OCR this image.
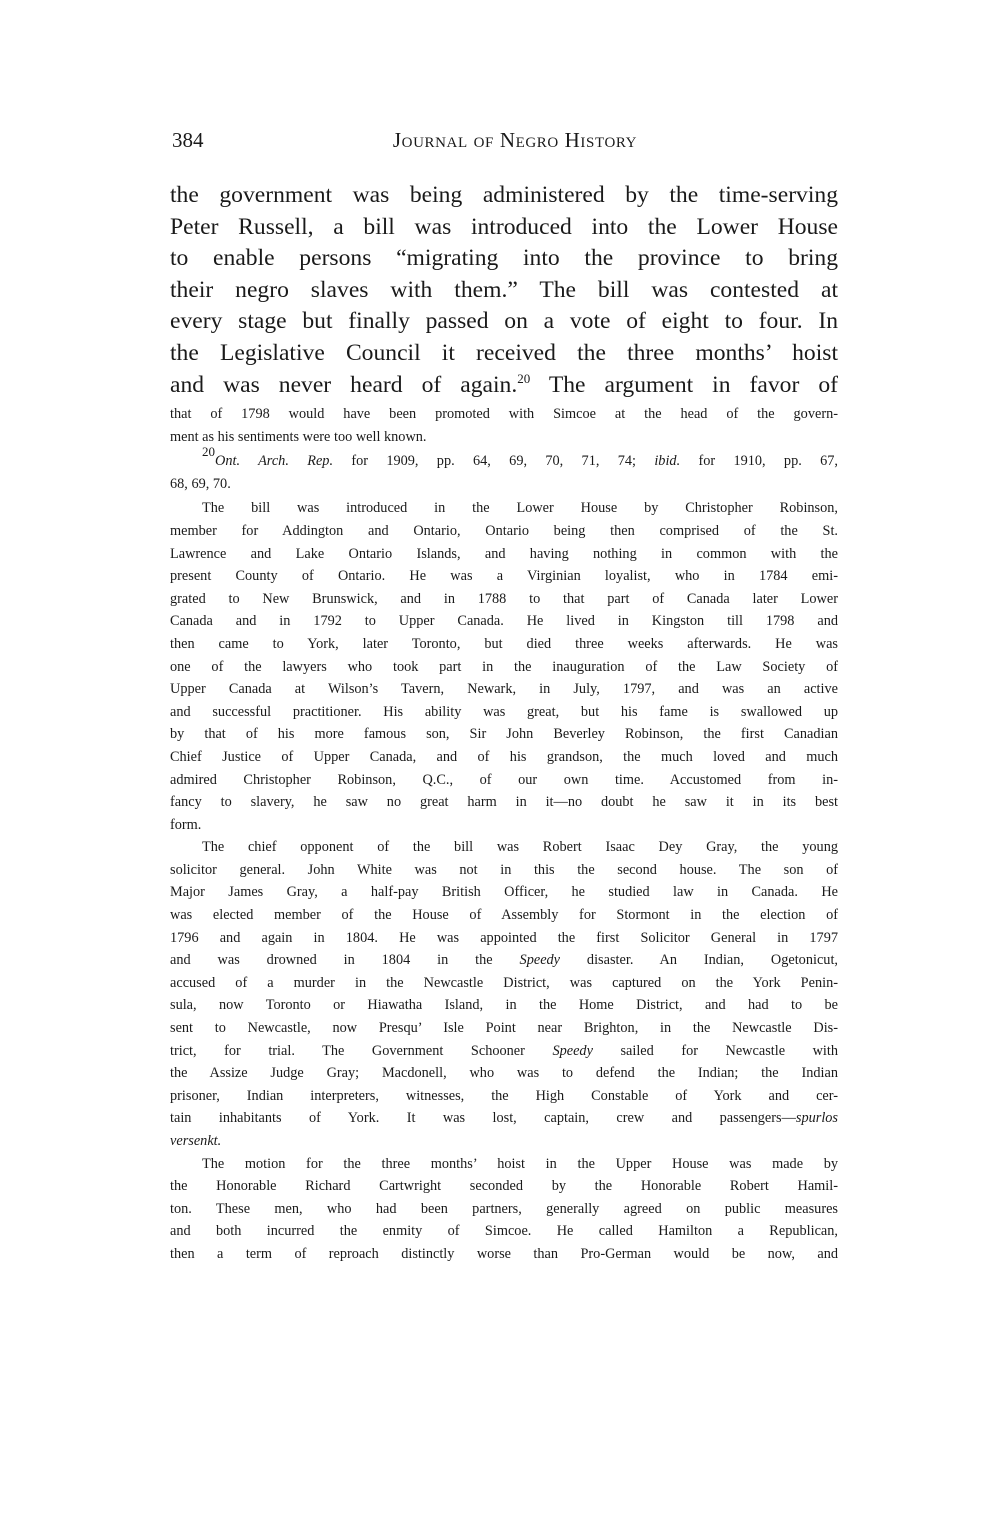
384	Journal of Negro History
the government was being administered by the time-serving
Peter Russell, a bill was introduced into the Lower House
to enable persons “migrating into the province to bring
their negro slaves with them.” The bill was contested at
every stage but finally passed on a vote of eight to four. In
the Legislative Council it received the three months’ hoist
and was never heard of again.$^{20}$ The argument in favor of
that of 1798 would have been promoted with Simcoe at the head of the govern-
ment as his sentiments were too well known.
$^{20}$Ont. Arch. Rep. for 1909, pp. 64, 69, 70, 71, 74; ibid. for 1910, pp. 67,
68, 69, 70.
The bill was introduced in the Lower House by Christopher Robinson,
member for Addington and Ontario, Ontario being then comprised of the St.
Lawrence and Lake Ontario Islands, and having nothing in common with the
present County of Ontario. He was a Virginian loyalist, who in 1784 emi-
grated to New Brunswick, and in 1788 to that part of Canada later Lower
Canada and in 1792 to Upper Canada. He lived in Kingston till 1798 and
then came to York, later Toronto, but died three weeks afterwards. He was
one of the lawyers who took part in the inauguration of the Law Society of
Upper Canada at Wilson’s Tavern, Newark, in July, 1797, and was an active
and successful practitioner. His ability was great, but his fame is swallowed up
by that of his more famous son, Sir John Beverley Robinson, the first Canadian
Chief Justice of Upper Canada, and of his grandson, the much loved and much
admired Christopher Robinson, Q.C., of our own time. Accustomed from in-
fancy to slavery, he saw no great harm in it—no doubt he saw it in its best
form.
The chief opponent of the bill was Robert Isaac Dey Gray, the young
solicitor general. John White was not in this the second house. The son of
Major James Gray, a half-pay British Officer, he studied law in Canada. He
was elected member of the House of Assembly for Stormont in the election of
1796 and again in 1804. He was appointed the first Solicitor General in 1797
and was drowned in 1804 in the Speedy disaster. An Indian, Ogetonicut,
accused of a murder in the Newcastle District, was captured on the York Penin-
sula, now Toronto or Hiawatha Island, in the Home District, and had to be
sent to Newcastle, now Presqu’ Isle Point near Brighton, in the Newcastle Dis-
trict, for trial. The Government Schooner Speedy sailed for Newcastle with
the Assize Judge Gray; Macdonell, who was to defend the Indian; the Indian
prisoner, Indian interpreters, witnesses, the High Constable of York and cer-
tain inhabitants of York. It was lost, captain, crew and passengers—spurlos
versenkt.
The motion for the three months’ hoist in the Upper House was made by
the Honorable Richard Cartwright seconded by the Honorable Robert Hamil-
ton. These men, who had been partners, generally agreed on public measures
and both incurred the enmity of Simcoe. He called Hamilton a Republican,
then a term of reproach distinctly worse than Pro-German would be now, and
